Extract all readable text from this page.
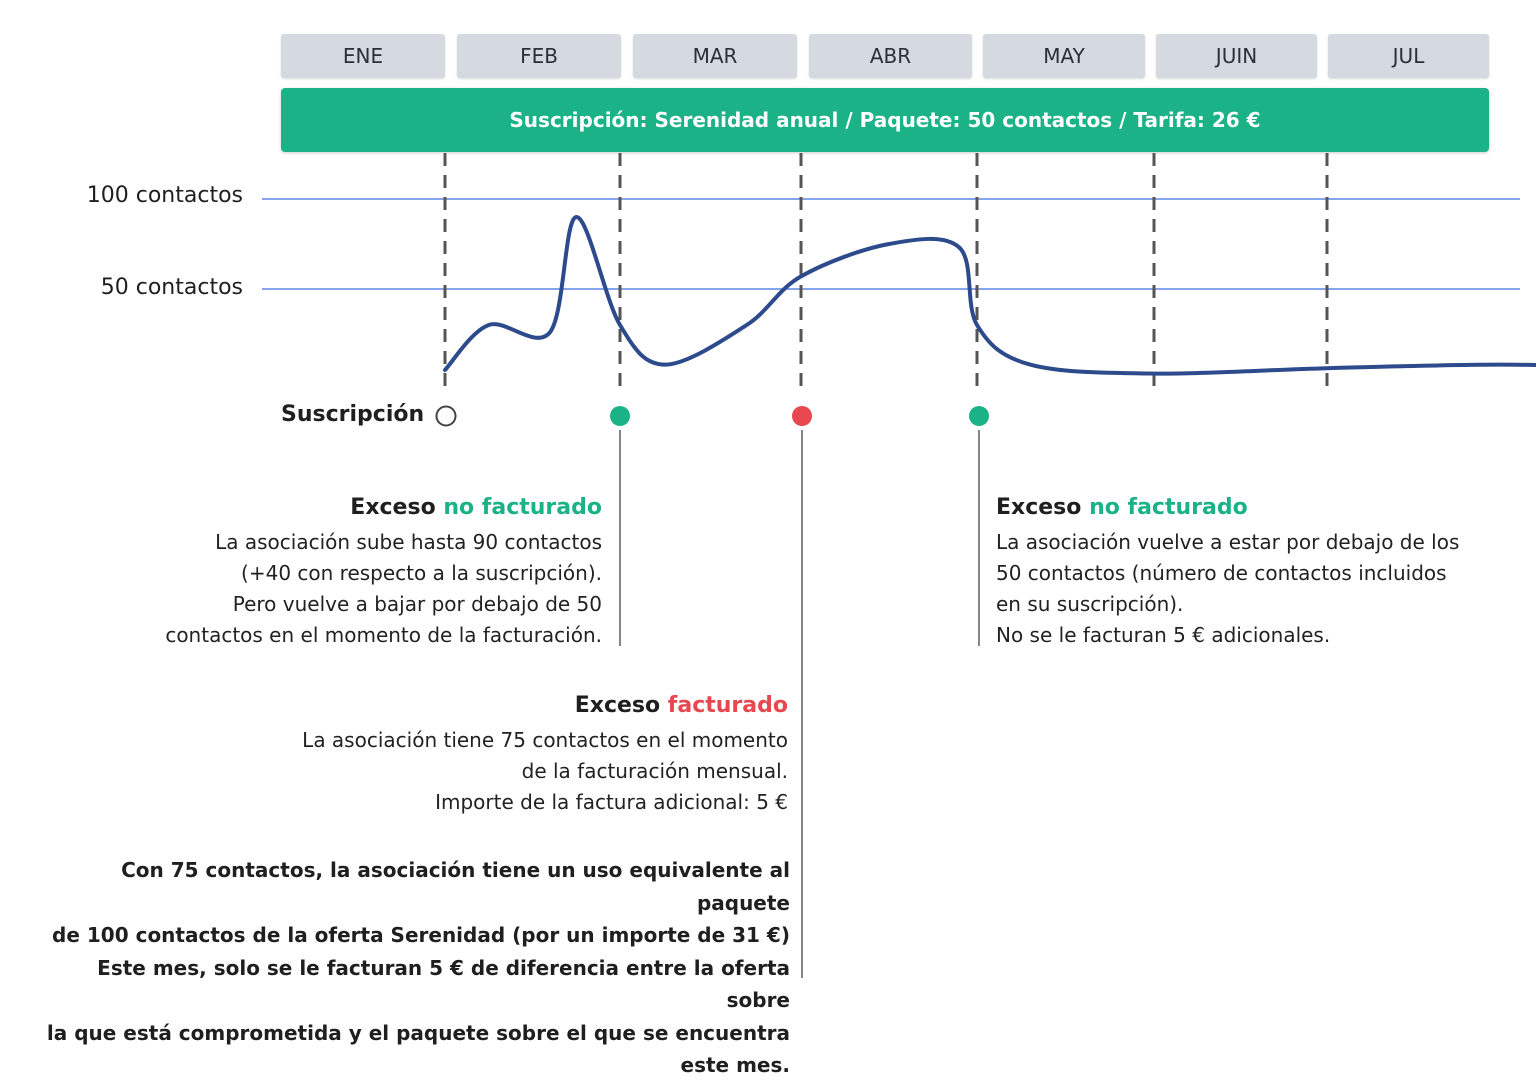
ENE	FEB	MAR	ABR	MAY	JUIN	JUL
Suscripción: Serenidad anual / Paquete: 50 contactos / Tarifa: 26 €
100 contactos
50 contactos
Suscripción
Exceso no facturado

La asociación sube hasta 90 contactos

(+40 con respecto a la suscripción).

Pero vuelve a bajar por debajo de 50

contactos en el momento de la facturación.

Exceso no facturado

La asociación vuelve a estar por debajo de los

50 contactos (número de contactos incluidos

en su suscripción).

No se le facturan 5 € adicionales.

Exceso facturado

La asociación tiene 75 contactos en el momento

de la facturación mensual.

Importe de la factura adicional: 5 €

Con 75 contactos, la asociación tiene un uso equivalente al paquete

de 100 contactos de la oferta Serenidad (por un importe de 31 €)

Este mes, solo se le facturan 5 € de diferencia entre la oferta sobre

la que está comprometida y el paquete sobre el que se encuentra este mes.
